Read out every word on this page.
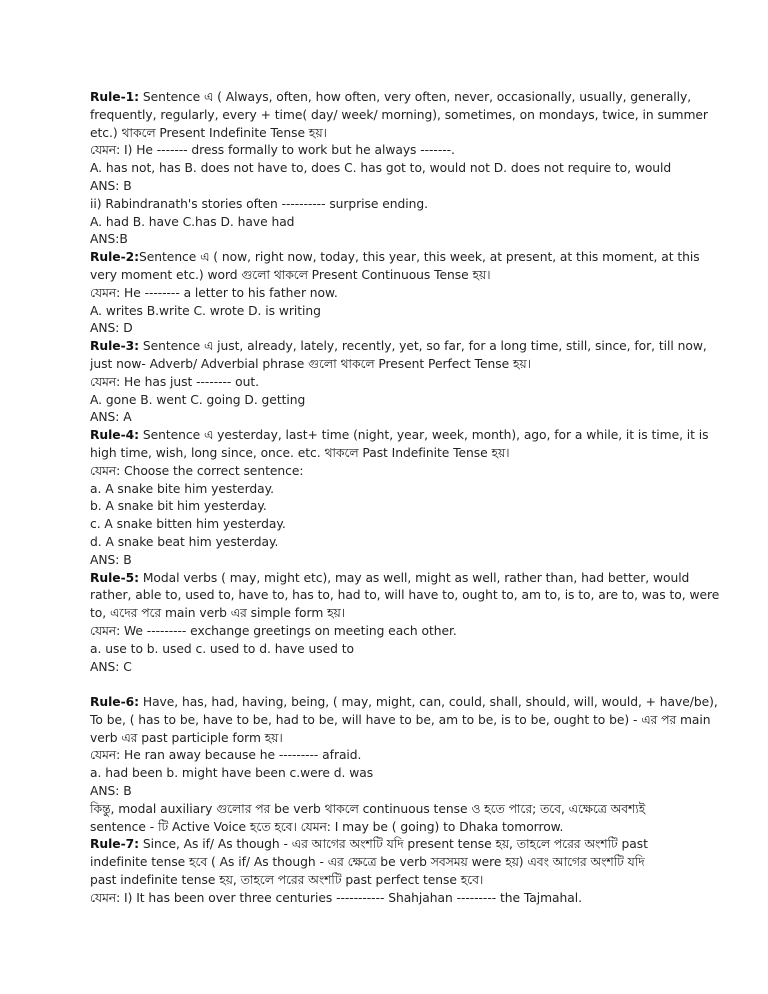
Rule-1: Sentence এ ( Always, often, how often, very often, never, occasionally, usually, generally,
frequently, regularly, every + time( day/ week/ morning), sometimes, on mondays, twice, in summer
etc.) থাকলে Present Indefinite Tense হয়।
যেমন: I) He ------- dress formally to work but he always -------.
A. has not, has B. does not have to, does C. has got to, would not D. does not require to, would
ANS: B
ii) Rabindranath's stories often ---------- surprise ending.
A. had B. have C.has D. have had
ANS:B
Rule-2:Sentence এ ( now, right now, today, this year, this week, at present, at this moment, at this
very moment etc.) word গুলো থাকলে Present Continuous Tense হয়।
যেমন: He -------- a letter to his father now.
A. writes B.write C. wrote D. is writing
ANS: D
Rule-3: Sentence এ just, already, lately, recently, yet, so far, for a long time, still, since, for, till now,
just now- Adverb/ Adverbial phrase গুলো থাকলে Present Perfect Tense হয়।
যেমন: He has just -------- out.
A. gone B. went C. going D. getting
ANS: A
Rule-4: Sentence এ yesterday, last+ time (night, year, week, month), ago, for a while, it is time, it is
high time, wish, long since, once. etc. থাকলে Past Indefinite Tense হয়।
যেমন: Choose the correct sentence:
a. A snake bite him yesterday.
b. A snake bit him yesterday.
c. A snake bitten him yesterday.
d. A snake beat him yesterday.
ANS: B
Rule-5: Modal verbs ( may, might etc), may as well, might as well, rather than, had better, would
rather, able to, used to, have to, has to, had to, will have to, ought to, am to, is to, are to, was to, were
to, এদের পরে main verb এর simple form হয়।
যেমন: We --------- exchange greetings on meeting each other.
a. use to b. used c. used to d. have used to
ANS: C
Rule-6: Have, has, had, having, being, ( may, might, can, could, shall, should, will, would, + have/be),
To be, ( has to be, have to be, had to be, will have to be, am to be, is to be, ought to be) - এর পর main
verb এর past participle form হয়।
যেমন: He ran away because he --------- afraid.
a. had been b. might have been c.were d. was
ANS: B
কিন্তু, modal auxiliary গুলোর পর be verb থাকলে continuous tense ও হতে পারে; তবে, এক্ষেত্রে অবশ্যই
sentence - টি Active Voice হতে হবে। যেমন: I may be ( going) to Dhaka tomorrow.
Rule-7: Since, As if/ As though - এর আগের অংশটি যদি present tense হয়, তাহলে পরের অংশটি past
indefinite tense হবে ( As if/ As though - এর ক্ষেত্রে be verb সবসময় were হয়) এবং আগের অংশটি যদি
past indefinite tense হয়, তাহলে পরের অংশটি past perfect tense হবে।
যেমন: I) It has been over three centuries ----------- Shahjahan --------- the Tajmahal.
